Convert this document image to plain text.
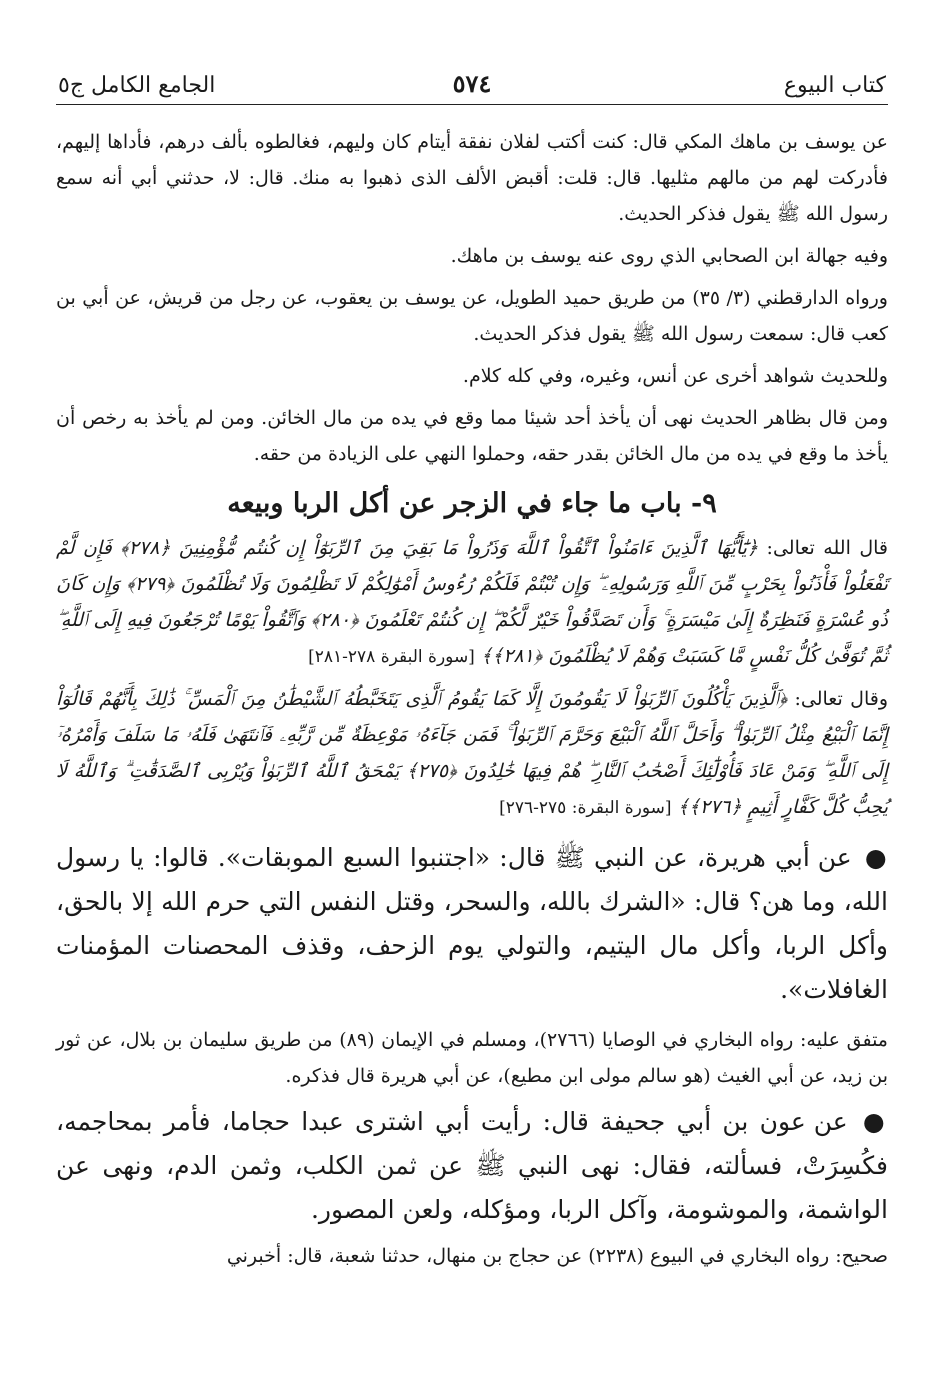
كتاب البيوع
٥٧٤
الجامع الكامل ج٥

عن يوسف بن ماهك المكي قال: كنت أكتب لفلان نفقة أيتام كان وليهم، فغالطوه بألف درهم، فأداها إليهم، فأدركت لهم من مالهم مثليها. قال: قلت: أقبض الألف الذى ذهبوا به منك. قال: لا، حدثني أبي أنه سمع رسول الله ﷺ يقول فذكر الحديث.

وفيه جهالة ابن الصحابي الذي روى عنه يوسف بن ماهك.

ورواه الدارقطني (٣/ ٣٥) من طريق حميد الطويل، عن يوسف بن يعقوب، عن رجل من قريش، عن أبي بن كعب قال: سمعت رسول الله ﷺ يقول فذكر الحديث.

وللحديث شواهد أخرى عن أنس، وغيره، وفي كله كلام.

ومن قال بظاهر الحديث نهى أن يأخذ أحد شيئا مما وقع في يده من مال الخائن. ومن لم يأخذ به رخص أن يأخذ ما وقع في يده من مال الخائن بقدر حقه، وحملوا النهي على الزيادة من حقه.

٩- باب ما جاء في الزجر عن أكل الربا وبيعه

قال الله تعالى: ﴿يَٰٓأَيُّهَا ٱلَّذِينَ ءَامَنُواْ ٱتَّقُواْ ٱللَّهَ وَذَرُواْ مَا بَقِيَ مِنَ ٱلرِّبَوٰٓاْ إِن كُنتُم مُّؤْمِنِينَ ﴿٢٧٨﴾ فَإِن لَّمْ تَفْعَلُواْ فَأْذَنُواْ بِحَرْبٍ مِّنَ ٱللَّهِ وَرَسُولِهِۦ ۖ وَإِن تُبْتُمْ فَلَكُمْ رُءُوسُ أَمْوَٰلِكُمْ لَا تَظْلِمُونَ وَلَا تُظْلَمُونَ ﴿٢٧٩﴾ وَإِن كَانَ ذُو عُسْرَةٍ فَنَظِرَةٌ إِلَىٰ مَيْسَرَةٍ ۚ وَأَن تَصَدَّقُواْ خَيْرٌ لَّكُمْ ۖ إِن كُنتُمْ تَعْلَمُونَ ﴿٢٨٠﴾ وَٱتَّقُواْ يَوْمًا تُرْجَعُونَ فِيهِ إِلَى ٱللَّهِ ۖ ثُمَّ تُوَفَّىٰ كُلُّ نَفْسٍ مَّا كَسَبَتْ وَهُمْ لَا يُظْلَمُونَ ﴿٢٨١﴾﴾ [سورة البقرة ٢٧٨-٢٨١]

وقال تعالى: ﴿ٱلَّذِينَ يَأْكُلُونَ ٱلرِّبَوٰاْ لَا يَقُومُونَ إِلَّا كَمَا يَقُومُ ٱلَّذِى يَتَخَبَّطُهُ ٱلشَّيْطَٰنُ مِنَ ٱلْمَسِّ ۚ ذَٰلِكَ بِأَنَّهُمْ قَالُوٓاْ إِنَّمَا ٱلْبَيْعُ مِثْلُ ٱلرِّبَوٰاْ ۗ وَأَحَلَّ ٱللَّهُ ٱلْبَيْعَ وَحَرَّمَ ٱلرِّبَوٰاْ ۚ فَمَن جَآءَهُۥ مَوْعِظَةٌ مِّن رَّبِّهِۦ فَٱنتَهَىٰ فَلَهُۥ مَا سَلَفَ وَأَمْرُهُۥٓ إِلَى ٱللَّهِ ۖ وَمَنْ عَادَ فَأُوْلَٰٓئِكَ أَصْحَٰبُ ٱلنَّارِ ۖ هُمْ فِيهَا خَٰلِدُونَ ﴿٢٧٥﴾ يَمْحَقُ ٱللَّهُ ٱلرِّبَوٰاْ وَيُرْبِى ٱلصَّدَقَٰتِ ۗ وَٱللَّهُ لَا يُحِبُّ كُلَّ كَفَّارٍ أَثِيمٍ ﴿٢٧٦﴾﴾ [سورة البقرة: ٢٧٥-٢٧٦]

● عن أبي هريرة، عن النبي ﷺ قال: «اجتنبوا السبع الموبقات». قالوا: يا رسول الله، وما هن؟ قال: «الشرك بالله، والسحر، وقتل النفس التي حرم الله إلا بالحق، وأكل الربا، وأكل مال اليتيم، والتولي يوم الزحف، وقذف المحصنات المؤمنات الغافلات».

متفق عليه: رواه البخاري في الوصايا (٢٧٦٦)، ومسلم في الإيمان (٨٩) من طريق سليمان بن بلال، عن ثور بن زيد، عن أبي الغيث (هو سالم مولى ابن مطيع)، عن أبي هريرة قال فذكره.

● عن عون بن أبي جحيفة قال: رأيت أبي اشترى عبدا حجاما، فأمر بمحاجمه، فكُسِرَتْ، فسألته، فقال: نهى النبي ﷺ عن ثمن الكلب، وثمن الدم، ونهى عن الواشمة، والموشومة، وآكل الربا، ومؤكله، ولعن المصور.

صحيح: رواه البخاري في البيوع (٢٢٣٨) عن حجاج بن منهال، حدثنا شعبة، قال: أخبرني
